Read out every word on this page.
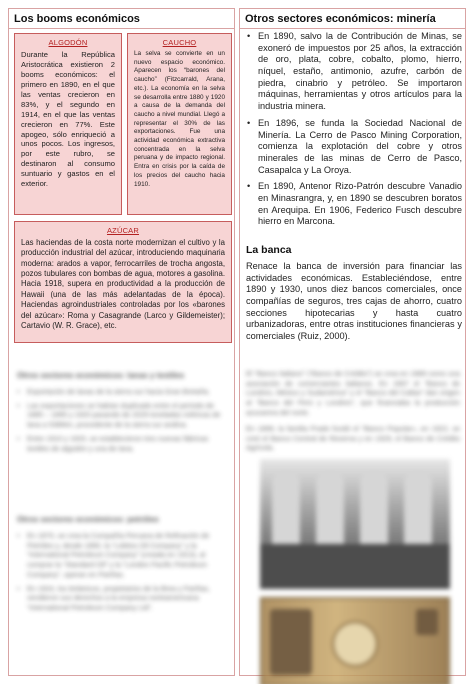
Los booms económicos
ALGODÓN
Durante la República Aristocrática existieron 2 booms económicos: el primero en 1890, en el que las ventas crecieron en 83%, y el segundo en 1914, en el que las ventas crecieron en 77%. Este apogeo, sólo enriqueció a unos pocos. Los ingresos, por este rubro, se destinaron al consumo suntuario y gastos en el exterior.
CAUCHO
La selva se convierte en un nuevo espacio económico. Aparecen los “barones del caucho” (Fitzcarrald, Arana, etc.). La economía en la selva se desarrolla entre 1880 y 1920 a causa de la demanda del caucho a nivel mundial. Llegó a representar el 30% de las exportaciones. Fue una actividad económica extractiva concentrada en la selva peruana y de impacto regional. Entra en crisis por la caída de los precios del caucho hacia 1910.
AZÚCAR
Las haciendas de la costa norte modernizan el cultivo y la producción industrial del azúcar, introduciendo maquinaria moderna: arados a vapor, ferrocarriles de trocha angosta, pozos tubulares con bombas de agua, motores a gasolina. Hacia 1918, supera en productividad a la producción de Hawaii (una de las más adelantadas de la época). Haciendas agroindustriales controladas por los «barones del azúcar»: Roma y Casagrande (Larco y Gildemeister); Cartavio (W. R. Grace), etc.
Otros sectores económicos: lanas y textiles
• Exportación de lanas de la sierra sur hacia Gran Bretaña.
• Las exportaciones se habían duplicado entre el período de 1885 – 1895 y 1920 pasando de 2029 toneladas métricas de lana a 5386tm, procedente de la sierra sur andina.
• Entre 1910 y 1920, se establecieron tres nuevas fábricas textiles de algodón y una de lana.
Otros sectores económicos: petróleo
• En 1870, se crea la Compañía Peruana de Refinación de Petróleo y, desde 1890, la “Lobitos Oil Company” y la “International Petroleum Company” (creada en 1913), al comprar la “Standard Oil” y la “London Pacific Petroleum Company”, operan en Pariñas.
• En 1924, los británicos, propietarios de la Brea y Pariñas, vendieron sus derechos a la empresa norteamericana “International Petroleum Company Ltd”.
Otros sectores económicos: minería
• En 1890, salvo la de Contribución de Minas, se exoneró de impuestos por 25 años, la extracción de oro, plata, cobre, cobalto, plomo, hierro, níquel, estaño, antimonio, azufre, carbón de piedra, cinabrio y petróleo. Se importaron máquinas, herramientas y otros artículos para la industria minera.
• En 1896, se funda la Sociedad Nacional de Minería. La Cerro de Pasco Mining Corporation, comienza la explotación del cobre y otros minerales de las minas de Cerro de Pasco, Casapalca y La Oroya.
• En 1890, Antenor Rizo-Patrón descubre Vanadio en Minasrangra, y, en 1890 se descubren boratos en Arequipa. En 1906, Federico Fusch descubre hierro en Marcona.
La banca
Renace la banca de inversión para financiar las actividades económicas. Estableciéndose, entre 1890 y 1930, unos diez bancos comerciales, once compañías de seguros, tres cajas de ahorro, cuatro secciones hipotecarias y hasta cuatro urbanizadoras, entre otras instituciones financieras y comerciales (Ruiz, 2000).
El “Banco Italiano” (“Banco de Crédito”) se crea en 1889 como una asociación de comerciantes italianos. En 1897 el “Banco de Londres, México y Sudamérica” y el “Banco del Callao” dan origen al “Banco del Perú y Londres”, que financiaba la producción azucarera del norte.
En 1899, la familia Prado fundó el “Banco Popular», en 1922, se creó el Banco Central de Reserva y en 1929, el Banco de Crédito Agrícola.
